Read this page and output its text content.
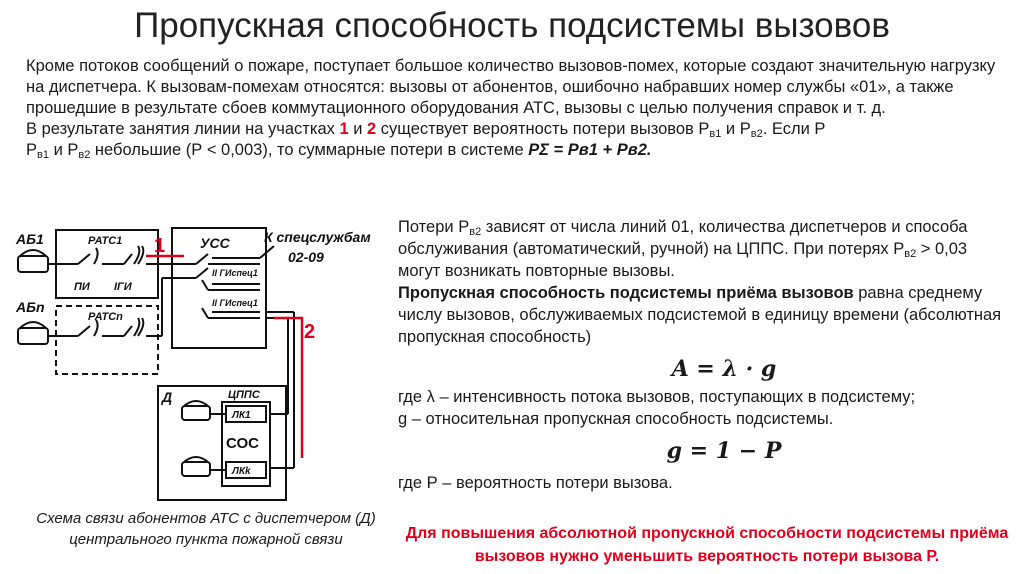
Пропускная способность подсистемы вызовов

Кроме потоков сообщений о пожаре, поступает большое количество вызовов-помех, которые создают значительную нагрузку на диспетчера. К вызовам-помехам относятся: вызовы от абонентов, ошибочно набравших номер службы «01», а также прошедшие в результате сбоев коммутационного оборудования АТС, вызовы с целью получения справок и т. д.

В результате занятия линии на участках 1 и 2 существует вероятность потери вызовов $Р_{в1}$ и $Р_{в2}$. Если Р
$Р_{в1}$ и $Р_{в2}$ небольшие (Р < 0,003), то суммарные потери в системе РΣ = Рв1 + Рв2.

АБ1
АБn
РАТС1
РАТСn
ПИ IГИ
УСС К спецслужбам
02-09
II ГИспец1
II ГИспец1
Д	ЦППС
СОС
ЛК1
ЛКk
1
2

Схема связи абонентов АТС с диспетчером (Д) центрального пункта пожарной связи

Потери $Р_{в2}$ зависят от числа линий 01, количества диспетчеров и способа обслуживания (автоматический, ручной) на ЦППС. При потерях $Р_{в2} > 0,03$ могут возникать повторные вызовы.

Пропускная способность подсистемы приёма вызовов равна среднему числу вызовов, обслуживаемых подсистемой в единицу времени (абсолютная пропускная способность)

A = λ · g

где λ – интенсивность потока вызовов, поступающих в подсистему;

g – относительная пропускная способность подсистемы.

g = 1 − P

где Р – вероятность потери вызова.

Для повышения абсолютной пропускной способности подсистемы приёма вызовов нужно уменьшить вероятность потери вызова Р.
